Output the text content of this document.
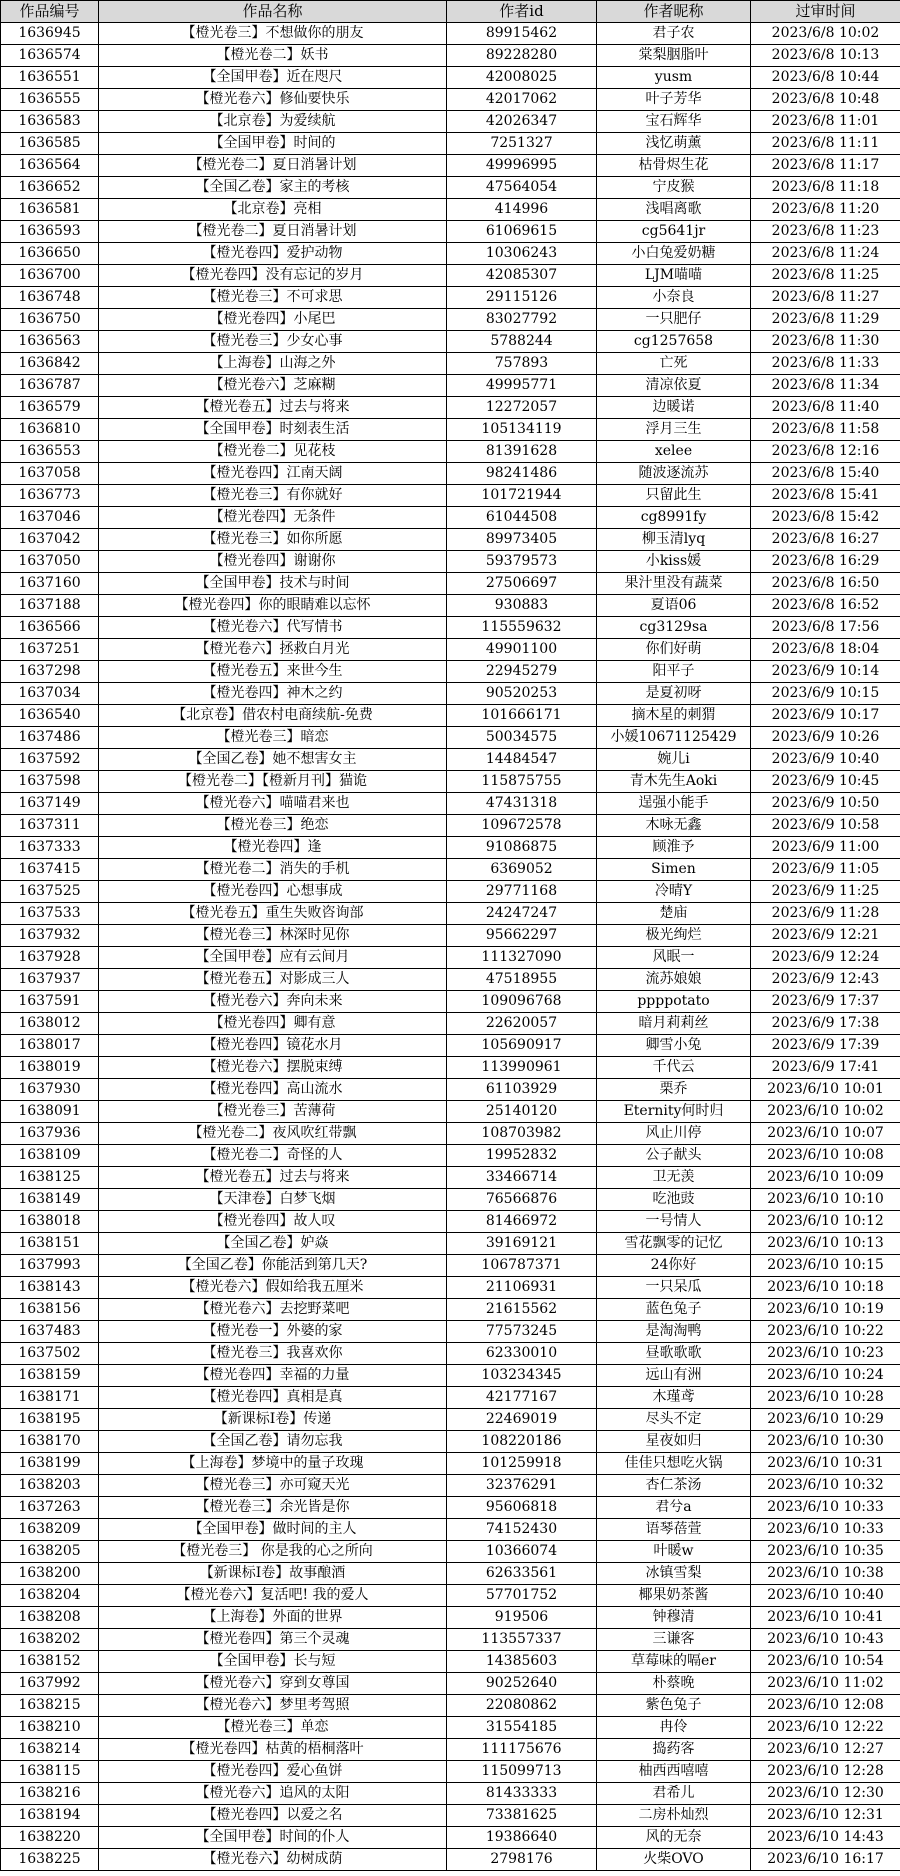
作品编号	作品名称	作者id	作者昵称	过审时间
1636945	【橙光卷三】不想做你的朋友	89915462	君子农	2023/6/8 10:02
1636574	【橙光卷二】妖书	89228280	棠梨胭脂叶	2023/6/8 10:13
1636551	【全国甲卷】近在咫尺	42008025	yusm	2023/6/8 10:44
1636555	【橙光卷六】修仙要快乐	42017062	叶子芳华	2023/6/8 10:48
1636583	【北京卷】为爱续航	42026347	宝石辉华	2023/6/8 11:01
1636585	【全国甲卷】时间的	7251327	浅忆萌薰	2023/6/8 11:11
1636564	【橙光卷二】夏日消暑计划	49996995	枯骨烬生花	2023/6/8 11:17
1636652	【全国乙卷】家主的考核	47564054	宁皮猴	2023/6/8 11:18
1636581	【北京卷】亮相	414996	浅唱离歌	2023/6/8 11:20
1636593	【橙光卷二】夏日消暑计划	61069615	cg5641jr	2023/6/8 11:23
1636650	【橙光卷四】爱护动物	10306243	小白兔爱奶糖	2023/6/8 11:24
1636700	【橙光卷四】没有忘记的岁月	42085307	LJM喵喵	2023/6/8 11:25
1636748	【橙光卷三】不可求思	29115126	小奈良	2023/6/8 11:27
1636750	【橙光卷四】小尾巴	83027792	一只肥仔	2023/6/8 11:29
1636563	【橙光卷三】少女心事	5788244	cg1257658	2023/6/8 11:30
1636842	【上海卷】山海之外	757893	亡死	2023/6/8 11:33
1636787	【橙光卷六】芝麻糊	49995771	清凉依夏	2023/6/8 11:34
1636579	【橙光卷五】过去与将来	12272057	边暖诺	2023/6/8 11:40
1636810	【全国甲卷】时刻表生活	105134119	浮月三生	2023/6/8 11:58
1636553	【橙光卷二】见花枝	81391628	xelee	2023/6/8 12:16
1637058	【橙光卷四】江南天阔	98241486	随波逐流苏	2023/6/8 15:40
1636773	【橙光卷三】有你就好	101721944	只留此生	2023/6/8 15:41
1637046	【橙光卷四】无条件	61044508	cg8991fy	2023/6/8 15:42
1637042	【橙光卷三】如你所愿	89973405	柳玉清lyq	2023/6/8 16:27
1637050	【橙光卷四】谢谢你	59379573	小kiss媛	2023/6/8 16:29
1637160	【全国甲卷】技术与时间	27506697	果汁里没有蔬菜	2023/6/8 16:50
1637188	【橙光卷四】你的眼睛难以忘怀	930883	夏语06	2023/6/8 16:52
1636566	【橙光卷六】代写情书	115559632	cg3129sa	2023/6/8 17:56
1637251	【橙光卷六】拯救白月光	49901100	你们好萌	2023/6/8 18:04
1637298	【橙光卷五】来世今生	22945279	阳平子	2023/6/9 10:14
1637034	【橙光卷四】神木之约	90520253	是夏初呀	2023/6/9 10:15
1636540	【北京卷】借农村电商续航-免费	101666171	摘木星的刺猬	2023/6/9 10:17
1637486	【橙光卷三】暗恋	50034575	小媛10671125429	2023/6/9 10:26
1637592	【全国乙卷】她不想害女主	14484547	婉儿i	2023/6/9 10:40
1637598	【橙光卷二】【橙新月刊】猫诡	115875755	青木先生Aoki	2023/6/9 10:45
1637149	【橙光卷六】喵喵君来也	47431318	逞强小能手	2023/6/9 10:50
1637311	【橙光卷三】绝恋	109672578	木咏无鑫	2023/6/9 10:58
1637333	【橙光卷四】逢	91086875	顾淮予	2023/6/9 11:00
1637415	【橙光卷二】消失的手机	6369052	Simen	2023/6/9 11:05
1637525	【橙光卷四】心想事成	29771168	冷晴Y	2023/6/9 11:25
1637533	【橙光卷五】重生失败咨询部	24247247	楚庙	2023/6/9 11:28
1637932	【橙光卷三】林深时见你	95662297	极光绚烂	2023/6/9 12:21
1637928	【全国甲卷】应有云间月	111327090	风眠一	2023/6/9 12:24
1637937	【橙光卷五】对影成三人	47518955	流苏娘娘	2023/6/9 12:43
1637591	【橙光卷六】奔向未来	109096768	ppppotato	2023/6/9 17:37
1638012	【橙光卷四】卿有意	22620057	暗月莉莉丝	2023/6/9 17:38
1638017	【橙光卷四】镜花水月	105690917	卿雪小兔	2023/6/9 17:39
1638019	【橙光卷六】摆脱束缚	113990961	千代云	2023/6/9 17:41
1637930	【橙光卷四】高山流水	61103929	栗乔	2023/6/10 10:01
1638091	【橙光卷三】苦薄荷	25140120	Eternity何时归	2023/6/10 10:02
1637936	【橙光卷二】夜风吹红带飘	108703982	风止川停	2023/6/10 10:07
1638109	【橙光卷二】奇怪的人	19952832	公子献头	2023/6/10 10:08
1638125	【橙光卷五】过去与将来	33466714	卫无羡	2023/6/10 10:09
1638149	【天津卷】白梦飞烟	76566876	吃池豉	2023/6/10 10:10
1638018	【橙光卷四】故人叹	81466972	一号情人	2023/6/10 10:12
1638151	【全国乙卷】妒焱	39169121	雪花飘零的记忆	2023/6/10 10:13
1637993	【全国乙卷】你能活到第几天?	106787371	24你好	2023/6/10 10:15
1638143	【橙光卷六】假如给我五厘米	21106931	一只呆瓜	2023/6/10 10:18
1638156	【橙光卷六】去挖野菜吧	21615562	蓝色兔子	2023/6/10 10:19
1637483	【橙光卷一】外婆的家	77573245	是淘淘鸭	2023/6/10 10:22
1637502	【橙光卷三】我喜欢你	62330010	昼歌歌歌	2023/6/10 10:23
1638159	【橙光卷四】幸福的力量	103234345	远山有洲	2023/6/10 10:24
1638171	【橙光卷四】真相是真	42177167	木瑾鸢	2023/6/10 10:28
1638195	【新课标Ⅰ卷】传递	22469019	尽头不定	2023/6/10 10:29
1638170	【全国乙卷】请勿忘我	108220186	星夜如归	2023/6/10 10:30
1638199	【上海卷】梦境中的量子玫瑰	101259918	佳佳只想吃火锅	2023/6/10 10:31
1638203	【橙光卷三】亦可窥天光	32376291	杏仁茶汤	2023/6/10 10:32
1637263	【橙光卷三】余光皆是你	95606818	君兮a	2023/6/10 10:33
1638209	【全国甲卷】做时间的主人	74152430	语琴蓓萱	2023/6/10 10:33
1638205	【橙光卷三】 你是我的心之所向	10366074	叶暖w	2023/6/10 10:35
1638200	【新课标Ⅰ卷】故事酿酒	62633561	冰镇雪梨	2023/6/10 10:38
1638204	【橙光卷六】复活吧! 我的爱人	57701752	椰果奶茶酱	2023/6/10 10:40
1638208	【上海卷】外面的世界	919506	钟穆清	2023/6/10 10:41
1638202	【橙光卷四】第三个灵魂	113557337	三谦客	2023/6/10 10:43
1638152	【全国甲卷】长与短	14385603	草莓味的嗝er	2023/6/10 10:54
1637992	【橙光卷六】穿到女尊国	90252640	朴蔡晚	2023/6/10 11:02
1638215	【橙光卷六】梦里考驾照	22080862	紫色兔子	2023/6/10 12:08
1638210	【橙光卷三】单恋	31554185	冉伶	2023/6/10 12:22
1638214	【橙光卷四】枯黄的梧桐落叶	111175676	捣药客	2023/6/10 12:27
1638115	【橙光卷四】爱心鱼饼	115099713	柚西西嘻嘻	2023/6/10 12:28
1638216	【橙光卷六】追风的太阳	81433333	君希儿	2023/6/10 12:30
1638194	【橙光卷四】以爱之名	73381625	二房朴灿烈	2023/6/10 12:31
1638220	【全国甲卷】时间的仆人	19386640	风的无奈	2023/6/10 14:43
1638225	【橙光卷六】幼树成荫	2798176	火柴OVO	2023/6/10 16:17
